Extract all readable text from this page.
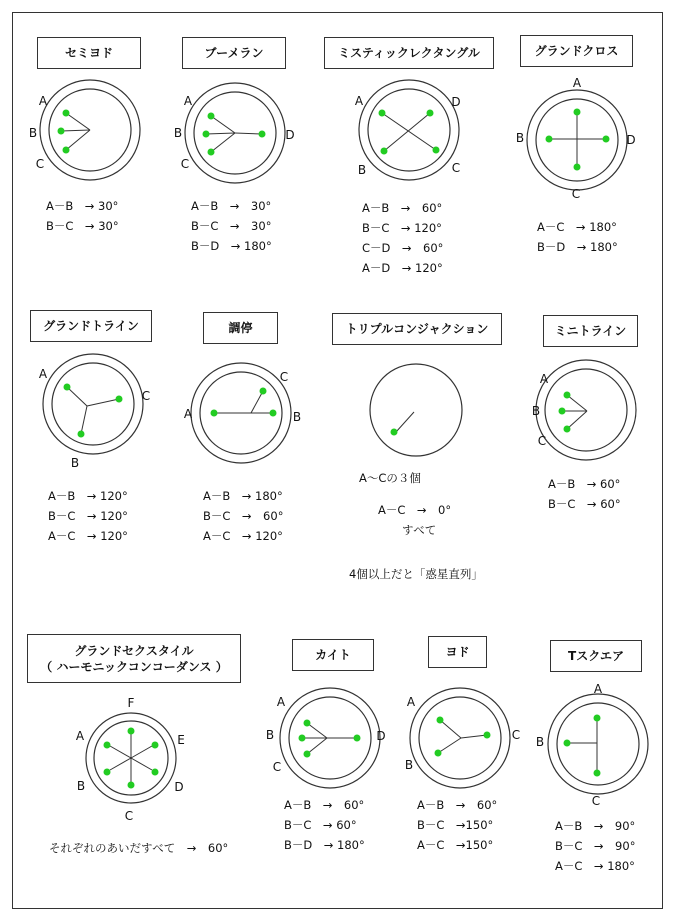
セミヨド
A
B
C
A－B　→ 30°
B－C　→ 30°
ブーメラン
A
B
C
D
A－B　→　30°
B－C　→　30°
B－D　→ 180°
ミスティックレクタングル
A	D
B	C
A－B　→　60°
B－C　→ 120°
C－D　→　60°
A－D　→ 120°
グランドクロス
A
B	D
C
A－C　→ 180°
B－D　→ 180°
グランドトライン
A
C
B
A－B　→ 120°
B－C　→ 120°
A－C　→ 120°
調停
C
A	B
A－B　→ 180°
B－C　→　60°
A－C　→ 120°
トリプルコンジャクション
A～Cの３個
A－C　→　0°
すべて
4個以上だと「惑星直列」
ミニトライン
A
B
C
A－B　→ 60°
B－C　→ 60°
グランドセクスタイル
（ ハーモニックコンコーダンス ）
F
A	E
B	D
C
それぞれのあいだすべて　→　60°
カイト
A
B	D
C
A－B　→　60°
B－C　→ 60°
B－D　→ 180°
ヨド
A
C
B
A－B　→　60°
B－C　→150°
A－C　→150°
Tスクエア
A
B
C
A－B　→　90°
B－C　→　90°
A－C　→ 180°
